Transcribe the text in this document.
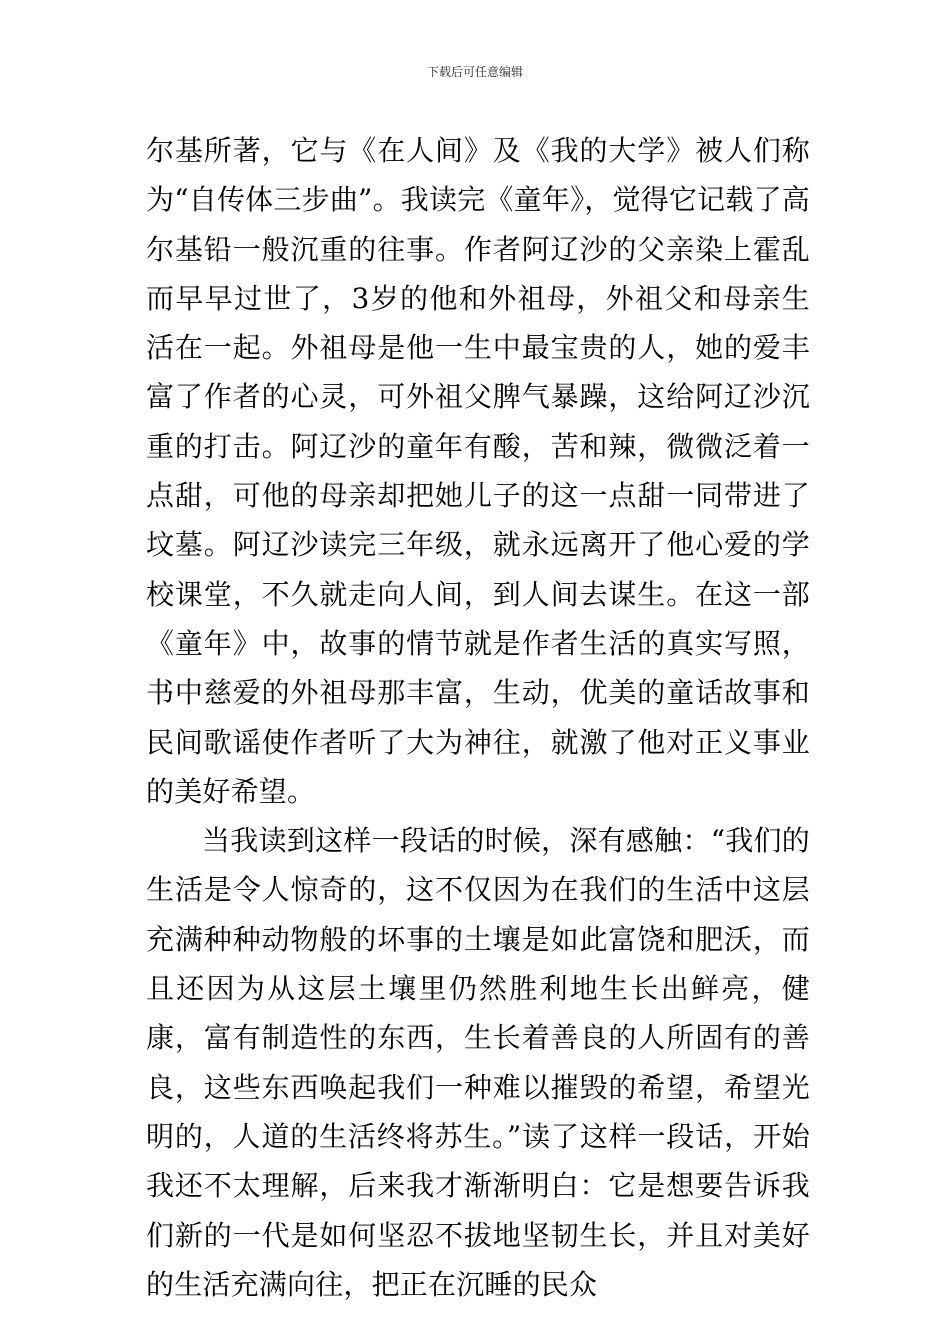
下载后可任意编辑

尔基所著，它与《在人间》及《我的大学》被人们称为“自传体三步曲”。我读完《童年》，觉得它记载了高尔基铅一般沉重的往事。作者阿辽沙的父亲染上霍乱而早早过世了，3岁的他和外祖母，外祖父和母亲生活在一起。外祖母是他一生中最宝贵的人，她的爱丰富了作者的心灵，可外祖父脾气暴躁，这给阿辽沙沉重的打击。阿辽沙的童年有酸，苦和辣，微微泛着一点甜，可他的母亲却把她儿子的这一点甜一同带进了坟墓。阿辽沙读完三年级，就永远离开了他心爱的学校课堂，不久就走向人间，到人间去谋生。在这一部《童年》中，故事的情节就是作者生活的真实写照，书中慈爱的外祖母那丰富，生动，优美的童话故事和民间歌谣使作者听了大为神往，就激了他对正义事业的美好希望。

当我读到这样一段话的时候，深有感触：“我们的生活是令人惊奇的，这不仅因为在我们的生活中这层充满种种动物般的坏事的土壤是如此富饶和肥沃，而且还因为从这层土壤里仍然胜利地生长出鲜亮，健康，富有制造性的东西，生长着善良的人所固有的善良，这些东西唤起我们一种难以摧毁的希望，希望光明的，人道的生活终将苏生。”读了这样一段话，开始我还不太理解，后来我才渐渐明白：它是想要告诉我们新的一代是如何坚忍不拔地坚韧生长，并且对美好的生活充满向往，把正在沉睡的民众
